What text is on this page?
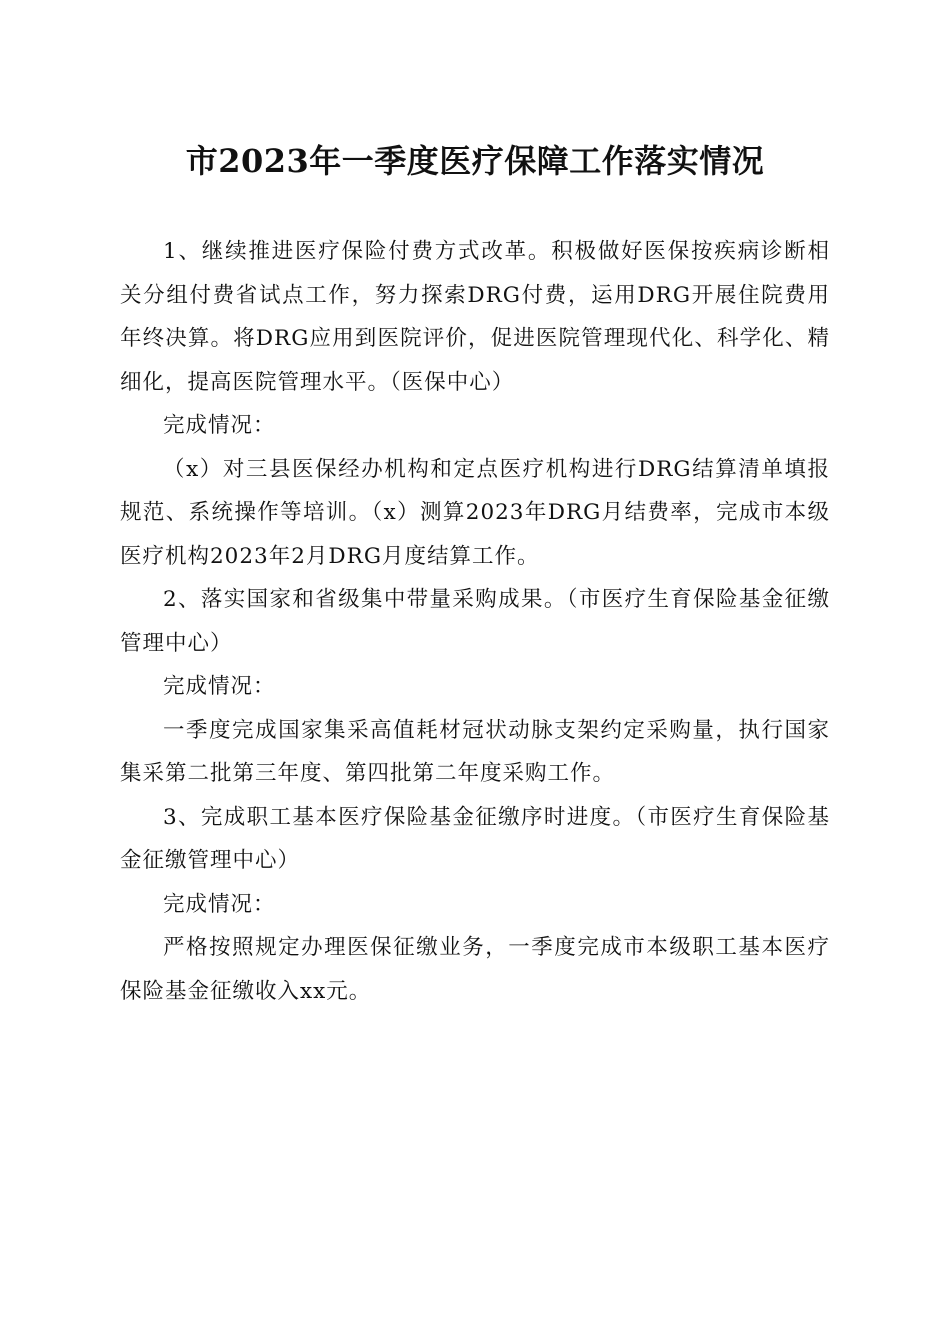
市2023年一季度医疗保障工作落实情况

1、继续推进医疗保险付费方式改革。积极做好医保按疾病诊断相关分组付费省试点工作，努力探索DRG付费，运用DRG开展住院费用年终决算。将DRG应用到医院评价，促进医院管理现代化、科学化、精细化，提高医院管理水平。（医保中心）

完成情况：

（x）对三县医保经办机构和定点医疗机构进行DRG结算清单填报规范、系统操作等培训。（x）测算2023年DRG月结费率，完成市本级医疗机构2023年2月DRG月度结算工作。

2、落实国家和省级集中带量采购成果。（市医疗生育保险基金征缴管理中心）

完成情况：

一季度完成国家集采高值耗材冠状动脉支架约定采购量，执行国家集采第二批第三年度、第四批第二年度采购工作。

3、完成职工基本医疗保险基金征缴序时进度。（市医疗生育保险基金征缴管理中心）

完成情况：

严格按照规定办理医保征缴业务，一季度完成市本级职工基本医疗保险基金征缴收入xx元。
